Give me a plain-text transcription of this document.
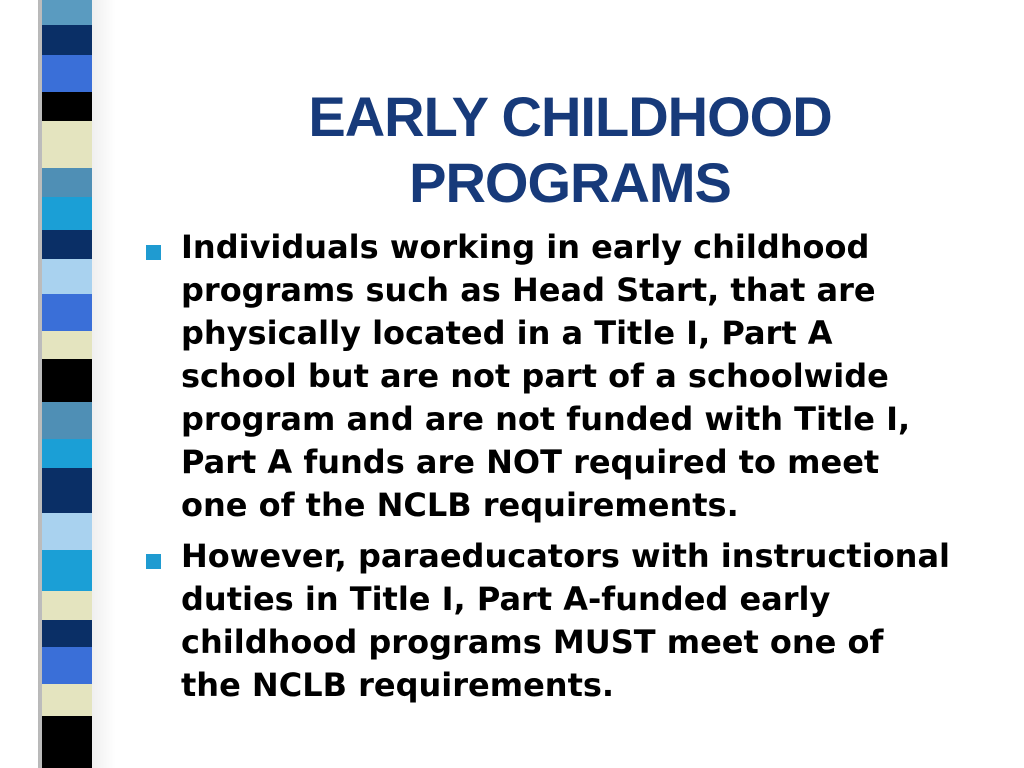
EARLY CHILDHOOD
PROGRAMS
Individuals working in early childhood programs such as Head Start, that are physically located in a Title I, Part A school but are not part of a schoolwide program and are not funded with Title I, Part A funds are NOT required to meet one of the NCLB requirements.
However, paraeducators with instructional duties in Title I, Part A-funded early childhood programs MUST meet one of the NCLB requirements.
